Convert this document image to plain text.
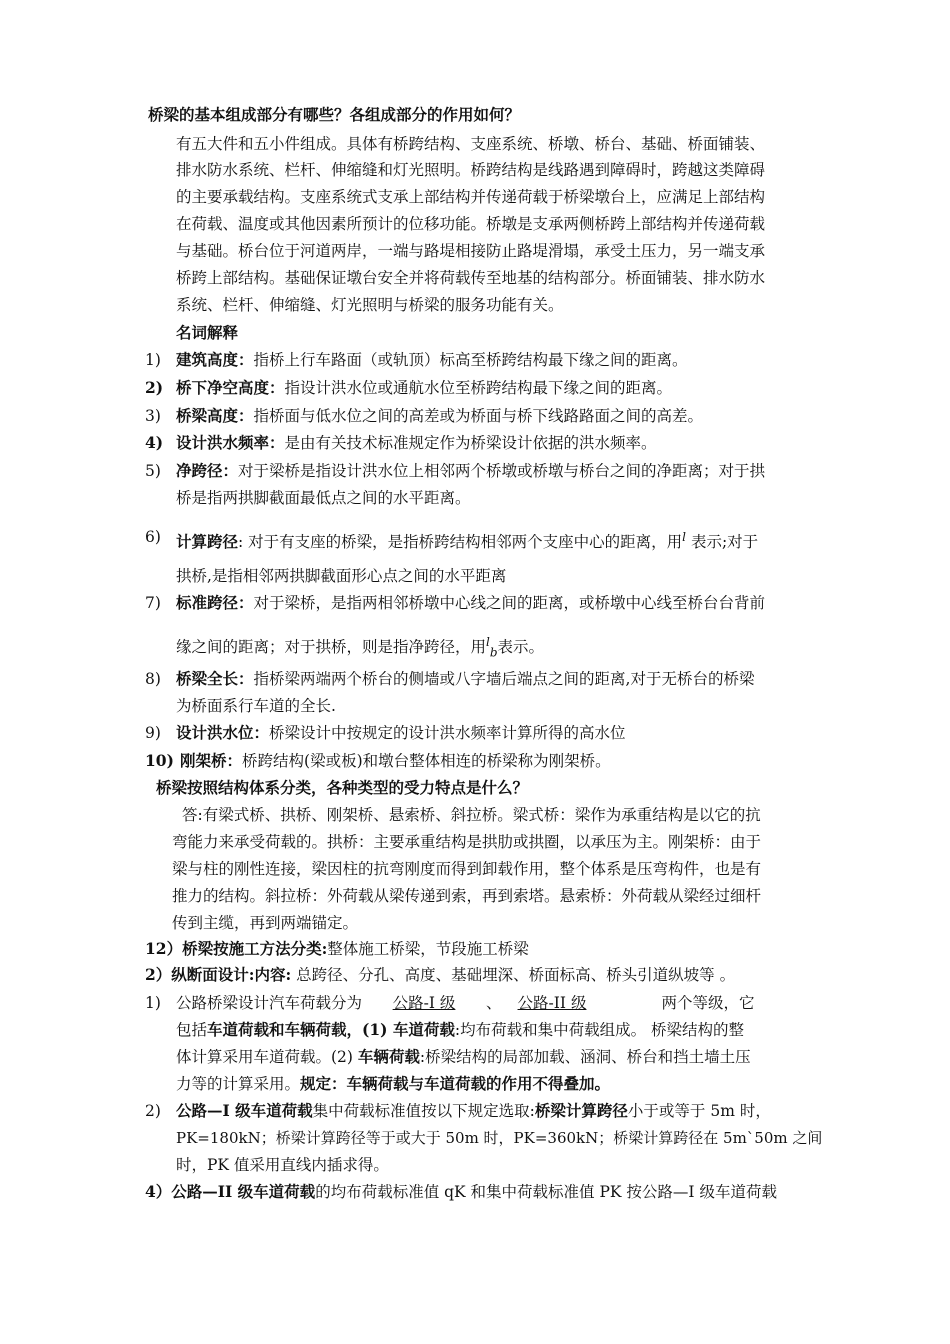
桥梁的基本组成部分有哪些？各组成部分的作用如何？
有五大件和五小件组成。具体有桥跨结构、支座系统、桥墩、桥台、基础、桥面铺装、
排水防水系统、栏杆、伸缩缝和灯光照明。桥跨结构是线路遇到障碍时，跨越这类障碍
的主要承载结构。支座系统式支承上部结构并传递荷载于桥梁墩台上，应满足上部结构
在荷载、温度或其他因素所预计的位移功能。桥墩是支承两侧桥跨上部结构并传递荷载
与基础。桥台位于河道两岸，一端与路堤相接防止路堤滑塌，承受土压力，另一端支承
桥跨上部结构。基础保证墩台安全并将荷载传至地基的结构部分。桥面铺装、排水防水
系统、栏杆、伸缩缝、灯光照明与桥梁的服务功能有关。
名词解释
1) 建筑高度：指桥上行车路面（或轨顶）标高至桥跨结构最下缘之间的距离。
2) 桥下净空高度：指设计洪水位或通航水位至桥跨结构最下缘之间的距离。
3) 桥梁高度：指桥面与低水位之间的高差或为桥面与桥下线路路面之间的高差。
4) 设计洪水频率：是由有关技术标准规定作为桥梁设计依据的洪水频率。
5) 净跨径：对于梁桥是指设计洪水位上相邻两个桥墩或桥墩与桥台之间的净距离；对于拱
桥是指两拱脚截面最低点之间的水平距离。
6) 计算跨径: 对于有支座的桥梁，是指桥跨结构相邻两个支座中心的距离，用$^l$ 表示;对于
拱桥,是指相邻两拱脚截面形心点之间的水平距离
7) 标准跨径：对于梁桥，是指两相邻桥墩中心线之间的距离，或桥墩中心线至桥台台背前
缘之间的距离；对于拱桥，则是指净跨径，用$^l_b$表示。
8) 桥梁全长：指桥梁两端两个桥台的侧墙或八字墙后端点之间的距离,对于无桥台的桥梁
为桥面系行车道的全长.
9) 设计洪水位：桥梁设计中按规定的设计洪水频率计算所得的高水位
10) 刚架桥：桥跨结构(梁或板)和墩台整体相连的桥梁称为刚架桥。
桥梁按照结构体系分类，各种类型的受力特点是什么？
答:有梁式桥、拱桥、刚架桥、悬索桥、斜拉桥。梁式桥：梁作为承重结构是以它的抗
弯能力来承受荷载的。拱桥：主要承重结构是拱肋或拱圈，以承压为主。刚架桥：由于
梁与柱的刚性连接，梁因柱的抗弯刚度而得到卸载作用，整个体系是压弯构件，也是有
推力的结构。斜拉桥：外荷载从梁传递到索，再到索塔。悬索桥：外荷载从梁经过细杆
传到主缆，再到两端锚定。
12）桥梁按施工方法分类:整体施工桥梁，节段施工桥梁
2）纵断面设计:内容: 总跨径、分孔、高度、基础埋深、桥面标高、桥头引道纵坡等 。
1) 公路桥梁设计汽车荷载分为 公路-I 级 、 公路-II 级	两个等级，它
包括车道荷载和车辆荷载，(1) 车道荷载:均布荷载和集中荷载组成。 桥梁结构的整
体计算采用车道荷载。(2) 车辆荷载:桥梁结构的局部加载、涵洞、桥台和挡土墙土压
力等的计算采用。规定：车辆荷载与车道荷载的作用不得叠加。
2) 公路—I 级车道荷载集中荷载标准值按以下规定选取:桥梁计算跨径小于或等于 5m 时，
PK=180kN；桥梁计算跨径等于或大于 50m 时，PK=360kN；桥梁计算跨径在 5m`50m 之间
时，PK 值采用直线内插求得。
4）公路—II 级车道荷载的均布荷载标准值 qK 和集中荷载标准值 PK 按公路—I 级车道荷载
